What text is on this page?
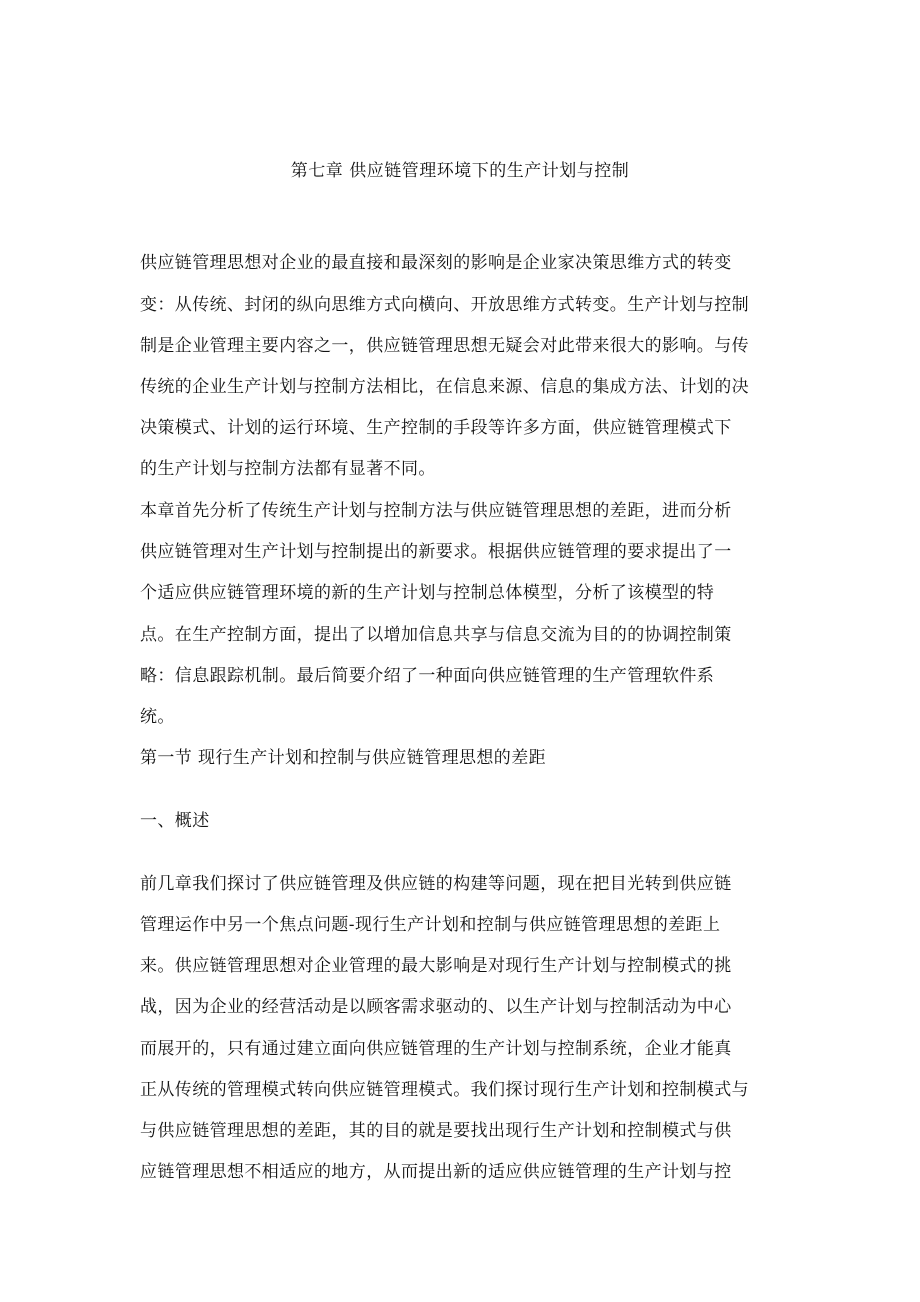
第七章 供应链管理环境下的生产计划与控制
供应链管理思想对企业的最直接和最深刻的影响是企业家决策思维方式的转变
变：从传统、封闭的纵向思维方式向横向、开放思维方式转变。生产计划与控制
制是企业管理主要内容之一，供应链管理思想无疑会对此带来很大的影响。与传
传统的企业生产计划与控制方法相比，在信息来源、信息的集成方法、计划的决
决策模式、计划的运行环境、生产控制的手段等许多方面，供应链管理模式下
的生产计划与控制方法都有显著不同。
本章首先分析了传统生产计划与控制方法与供应链管理思想的差距，进而分析
供应链管理对生产计划与控制提出的新要求。根据供应链管理的要求提出了一
个适应供应链管理环境的新的生产计划与控制总体模型，分析了该模型的特
点。在生产控制方面，提出了以增加信息共享与信息交流为目的的协调控制策
略：信息跟踪机制。最后简要介绍了一种面向供应链管理的生产管理软件系
统。
第一节 现行生产计划和控制与供应链管理思想的差距
一、概述
前几章我们探讨了供应链管理及供应链的构建等问题，现在把目光转到供应链
管理运作中另一个焦点问题-现行生产计划和控制与供应链管理思想的差距上
来。供应链管理思想对企业管理的最大影响是对现行生产计划与控制模式的挑
战，因为企业的经营活动是以顾客需求驱动的、以生产计划与控制活动为中心
而展开的，只有通过建立面向供应链管理的生产计划与控制系统，企业才能真
正从传统的管理模式转向供应链管理模式。我们探讨现行生产计划和控制模式与
与供应链管理思想的差距，其的目的就是要找出现行生产计划和控制模式与供
应链管理思想不相适应的地方，从而提出新的适应供应链管理的生产计划与控
